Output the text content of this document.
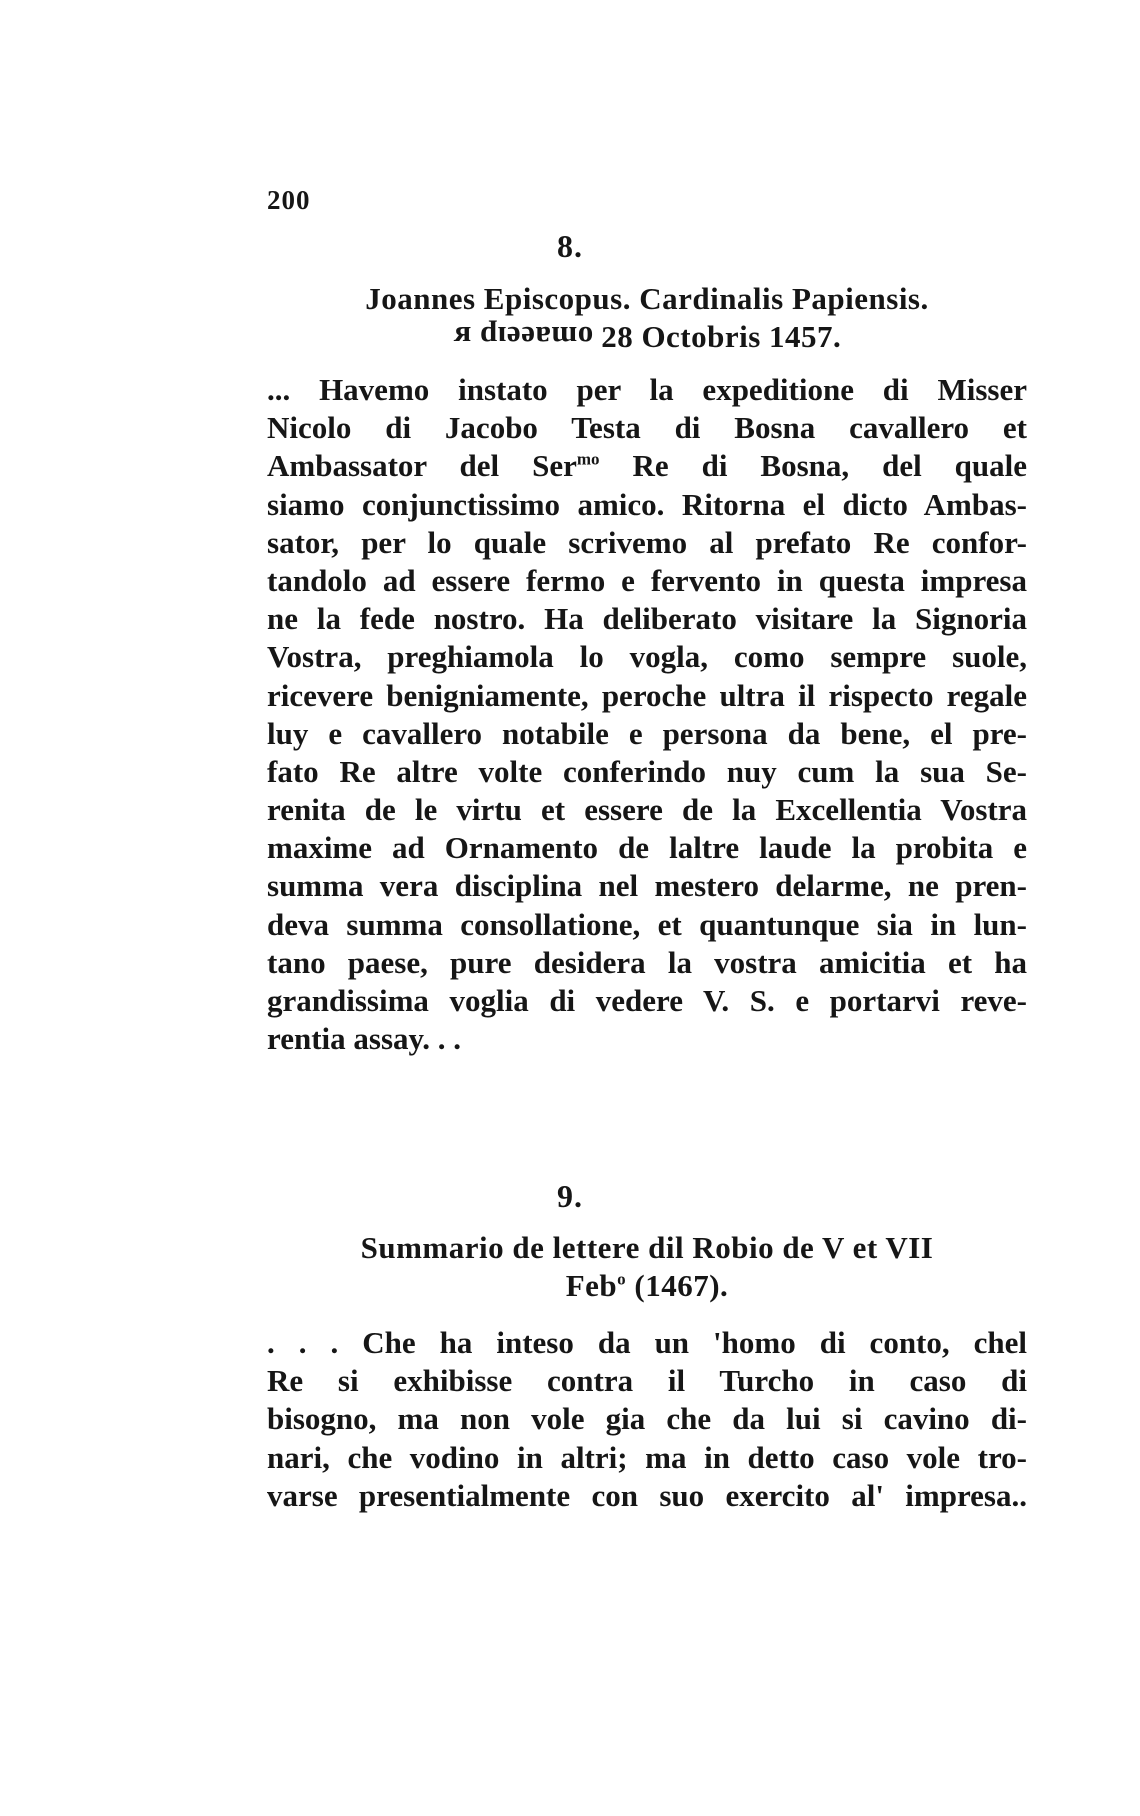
200
8.
Joannes Episcopus. Cardinalis Papiensis.
omaeeıp ʁ 28 Octobris 1457.
... Havemo instato per la expeditione di Misser
Nicolo di Jacobo Testa di Bosna cavallero et
Ambassator del Ser$^{mo}$ Re di Bosna, del quale
siamo conjunctissimo amico. Ritorna el dicto Ambas-
sator, per lo quale scrivemo al prefato Re confor-
tandolo ad essere fermo e fervento in questa impresa
ne la fede nostro. Ha deliberato visitare la Signoria
Vostra, preghiamola lo vogla, como sempre suole,
ricevere benigniamente, peroche ultra il rispecto regale
luy e cavallero notabile e persona da bene, el pre-
fato Re altre volte conferindo nuy cum la sua Se-
renita de le virtu et essere de la Excellentia Vostra
maxime ad Ornamento de laltre laude la probita e
summa vera disciplina nel mestero delarme, ne pren-
deva summa consollatione, et quantunque sia in lun-
tano paese, pure desidera la vostra amicitia et ha
grandissima voglia di vedere V. S. e portarvi reve-
rentia assay. . .
9.
Summario de lettere dil Robio de V et VII
Feb$^o$ (1467).
. . . Che ha inteso da un 'homo di conto, chel
Re si exhibisse contra il Turcho in caso di
bisogno, ma non vole gia che da lui si cavino di-
nari, che vodino in altri; ma in detto caso vole tro-
varse presentialmente con suo exercito al' impresa..
